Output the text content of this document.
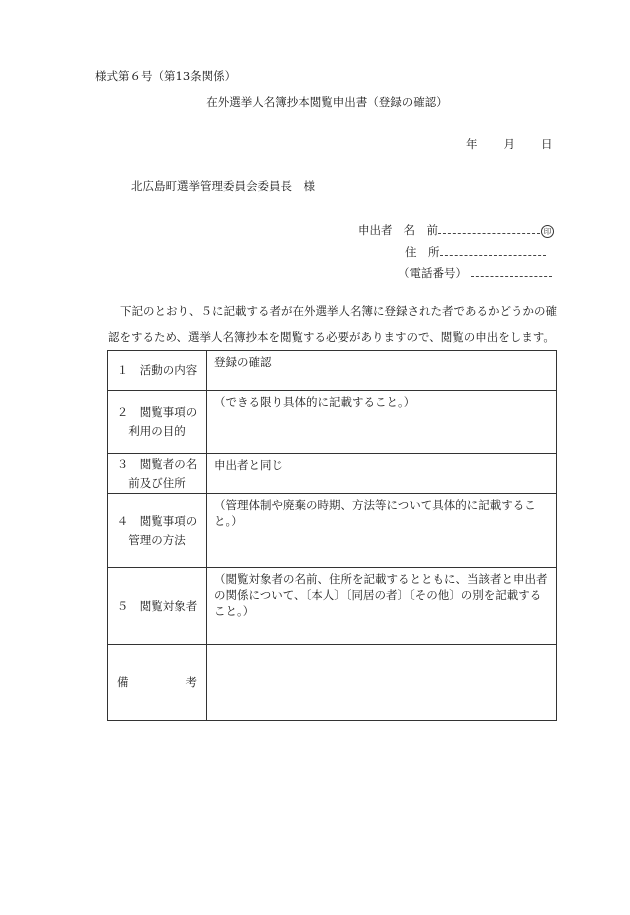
様式第６号（第13条関係）
在外選挙人名簿抄本閲覧申出書（登録の確認）
年 月 日
北広島町選挙管理委員会委員長　様
申出者 名　前	印
住　所
（電話番号）
下記のとおり、５に記載する者が在外選挙人名簿に登録された者であるかどうかの確
認をするため、選挙人名簿抄本を閲覧する必要がありますので、閲覧の申出をします。
１　活動の内容	登録の確認

２　閲覧事項の
利用の目的	（できる限り具体的に記載すること。）

３　閲覧者の名
前及び住所	申出者と同じ

４　閲覧事項の
管理の方法	（管理体制や廃棄の時期、方法等について具体的に記載すること。）
５　閲覧対象者	（閲覧対象者の名前、住所を記載するとともに、当該者と申出者の関係について、〔本人〕〔同居の者〕〔その他〕の別を記載すること。）

備 考	
